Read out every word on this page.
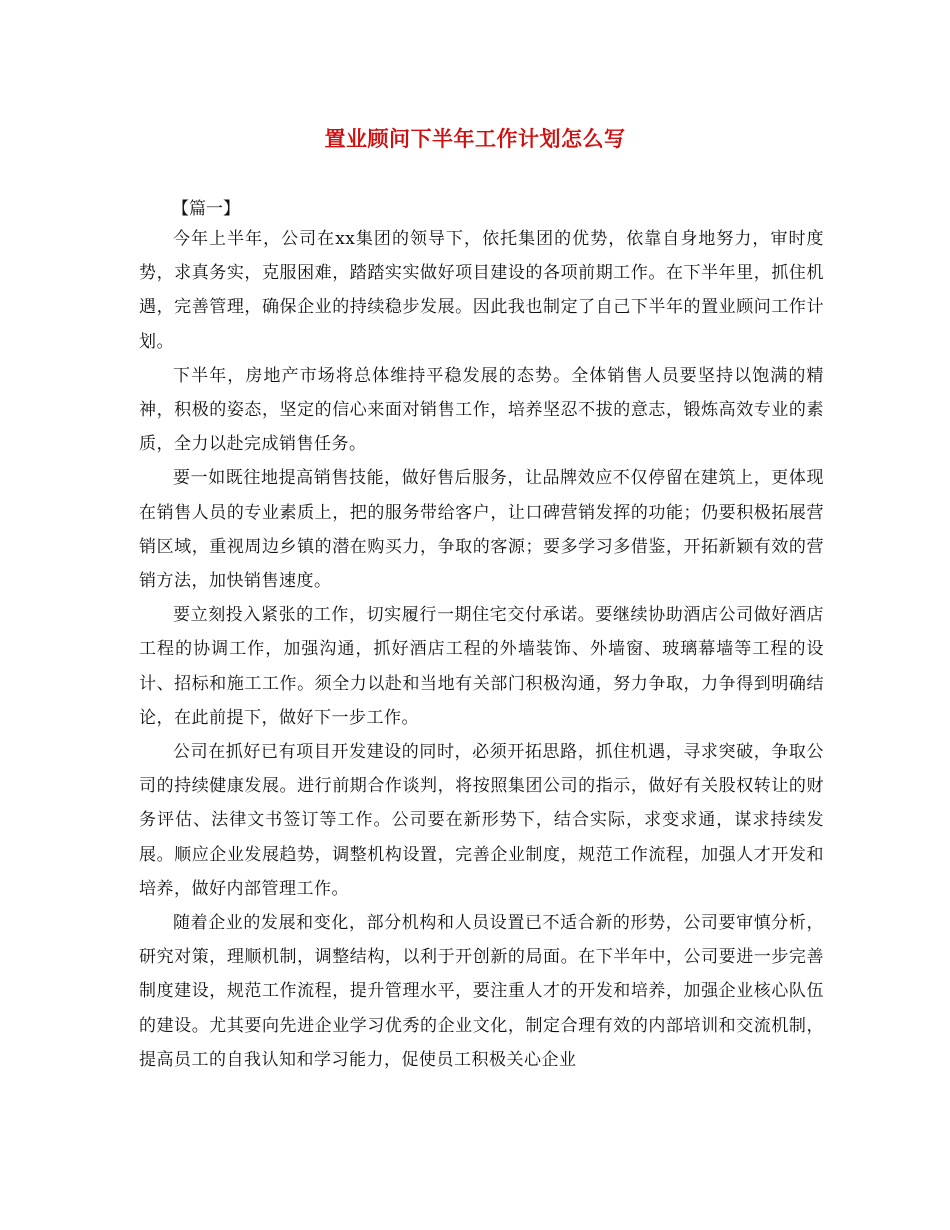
置业顾问下半年工作计划怎么写
【篇一】

今年上半年，公司在xx集团的领导下，依托集团的优势，依靠自身地努力，审时度势，求真务实，克服困难，踏踏实实做好项目建设的各项前期工作。在下半年里，抓住机遇，完善管理，确保企业的持续稳步发展。因此我也制定了自己下半年的置业顾问工作计划。

下半年，房地产市场将总体维持平稳发展的态势。全体销售人员要坚持以饱满的精神，积极的姿态，坚定的信心来面对销售工作，培养坚忍不拔的意志，锻炼高效专业的素质，全力以赴完成销售任务。

要一如既往地提高销售技能，做好售后服务，让品牌效应不仅停留在建筑上，更体现在销售人员的专业素质上，把的服务带给客户，让口碑营销发挥的功能；仍要积极拓展营销区域，重视周边乡镇的潜在购买力，争取的客源；要多学习多借鉴，开拓新颖有效的营销方法，加快销售速度。

要立刻投入紧张的工作，切实履行一期住宅交付承诺。要继续协助酒店公司做好酒店工程的协调工作，加强沟通，抓好酒店工程的外墙装饰、外墙窗、玻璃幕墙等工程的设计、招标和施工工作。须全力以赴和当地有关部门积极沟通，努力争取，力争得到明确结论，在此前提下，做好下一步工作。

公司在抓好已有项目开发建设的同时，必须开拓思路，抓住机遇，寻求突破，争取公司的持续健康发展。进行前期合作谈判，将按照集团公司的指示，做好有关股权转让的财务评估、法律文书签订等工作。公司要在新形势下，结合实际，求变求通，谋求持续发展。顺应企业发展趋势，调整机构设置，完善企业制度，规范工作流程，加强人才开发和培养，做好内部管理工作。

随着企业的发展和变化，部分机构和人员设置已不适合新的形势，公司要审慎分析，研究对策，理顺机制，调整结构，以利于开创新的局面。在下半年中，公司要进一步完善制度建设，规范工作流程，提升管理水平，要注重人才的开发和培养，加强企业核心队伍的建设。尤其要向先进企业学习优秀的企业文化，制定合理有效的内部培训和交流机制，提高员工的自我认知和学习能力，促使员工积极关心企业
